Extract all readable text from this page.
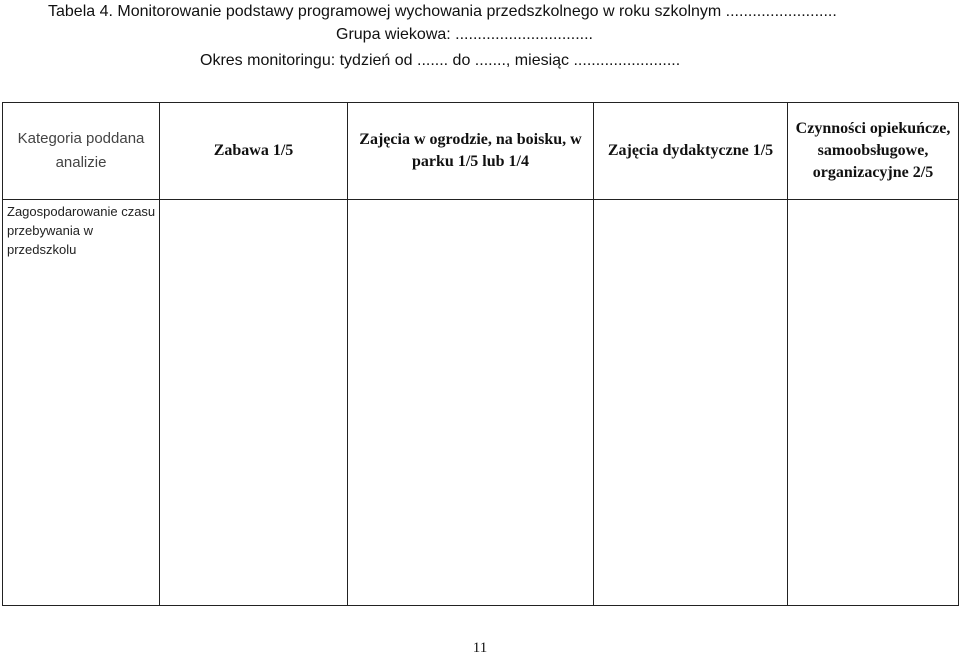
Tabela 4. Monitorowanie podstawy programowej wychowania przedszkolnego w roku szkolnym .........................
Grupa wiekowa: ...............................
Okres monitoringu: tydzień od ....... do ......., miesiąc ........................
Kategoria poddana analizie	Zabawa 1/5	Zajęcia w ogrodzie, na boisku, w parku 1/5 lub 1/4	Zajęcia dydaktyczne 1/5	Czynności opiekuńcze, samoobsługowe, organizacyjne 2/5
Zagospodarowanie czasu przebywania w przedszkolu				
11
